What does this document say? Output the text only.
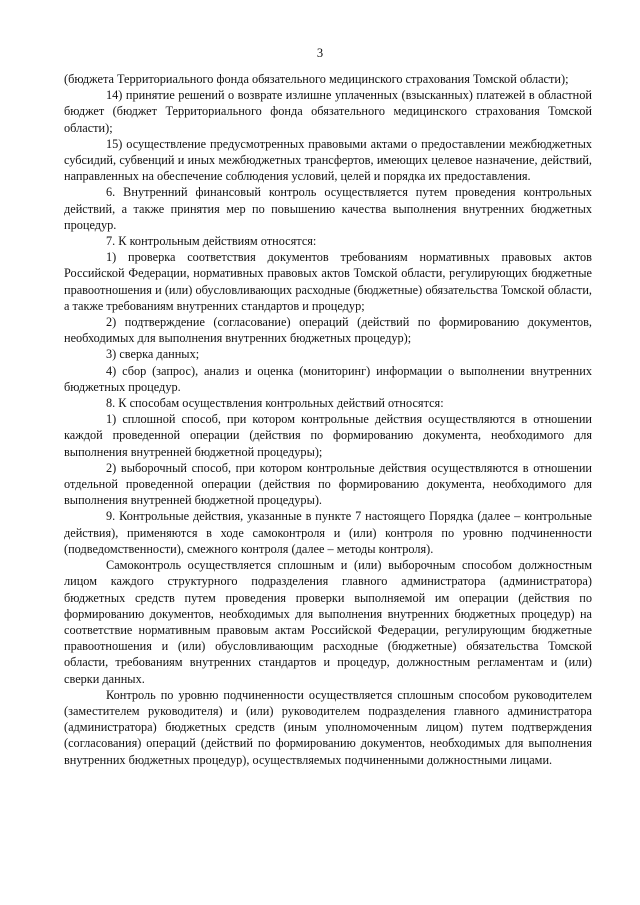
3

(бюджета Территориального фонда обязательного медицинского страхования Томской области);

14) принятие решений о возврате излишне уплаченных (взысканных) платежей в областной бюджет (бюджет Территориального фонда обязательного медицинского страхования Томской области);

15) осуществление предусмотренных правовыми актами о предоставлении межбюджетных субсидий, субвенций и иных межбюджетных трансфертов, имеющих целевое назначение, действий, направленных на обеспечение соблюдения условий, целей и порядка их предоставления.

6. Внутренний финансовый контроль осуществляется путем проведения контрольных действий, а также принятия мер по повышению качества выполнения внутренних бюджетных процедур.

7. К контрольным действиям относятся:

1) проверка соответствия документов требованиям нормативных правовых актов Российской Федерации, нормативных правовых актов Томской области, регулирующих бюджетные правоотношения и (или) обусловливающих расходные (бюджетные) обязательства Томской области, а также требованиям внутренних стандартов и процедур;

2) подтверждение (согласование) операций (действий по формированию документов, необходимых для выполнения внутренних бюджетных процедур);

3) сверка данных;

4) сбор (запрос), анализ и оценка (мониторинг) информации о выполнении внутренних бюджетных процедур.

8. К способам осуществления контрольных действий относятся:

1) сплошной способ, при котором контрольные действия осуществляются в отношении каждой проведенной операции (действия по формированию документа, необходимого для выполнения внутренней бюджетной процедуры);

2) выборочный способ, при котором контрольные действия осуществляются в отношении отдельной проведенной операции (действия по формированию документа, необходимого для выполнения внутренней бюджетной процедуры).

9. Контрольные действия, указанные в пункте 7 настоящего Порядка (далее – контрольные действия), применяются в ходе самоконтроля и (или) контроля по уровню подчиненности (подведомственности), смежного контроля (далее – методы контроля).

Самоконтроль осуществляется сплошным и (или) выборочным способом должностным лицом каждого структурного подразделения главного администратора (администратора) бюджетных средств путем проведения проверки выполняемой им операции (действия по формированию документов, необходимых для выполнения внутренних бюджетных процедур) на соответствие нормативным правовым актам Российской Федерации, регулирующим бюджетные правоотношения и (или) обусловливающим расходные (бюджетные) обязательства Томской области, требованиям внутренних стандартов и процедур, должностным регламентам и (или) сверки данных.

Контроль по уровню подчиненности осуществляется сплошным способом руководителем (заместителем руководителя) и (или) руководителем подразделения главного администратора (администратора) бюджетных средств (иным уполномоченным лицом) путем подтверждения (согласования) операций (действий по формированию документов, необходимых для выполнения внутренних бюджетных процедур), осуществляемых подчиненными должностными лицами.
